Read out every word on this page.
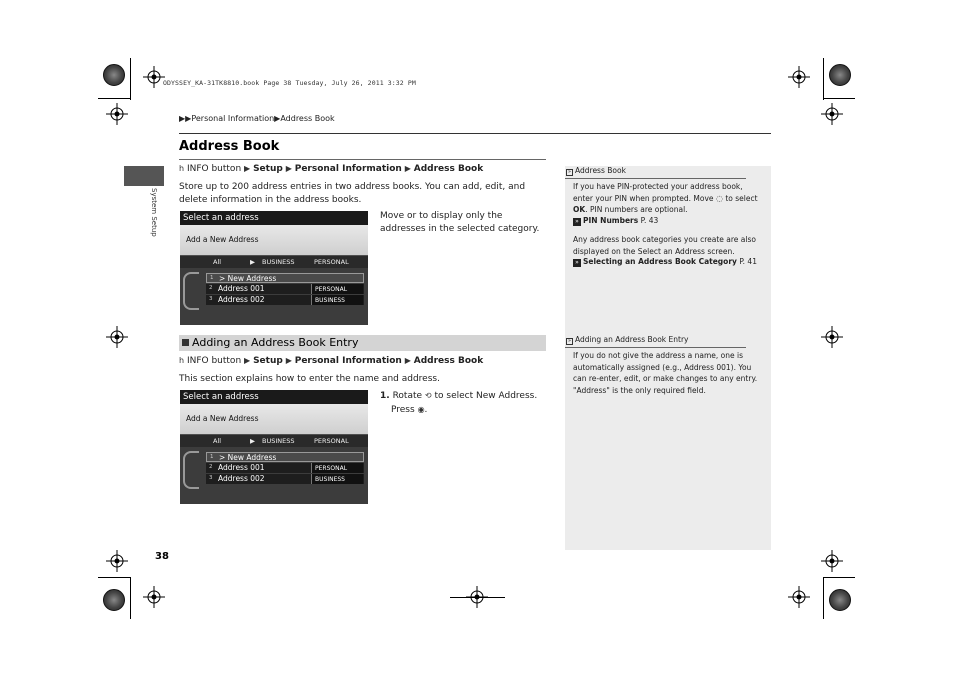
ODYSSEY_KA-31TK8810.book Page 38 Tuesday, July 26, 2011 3:32 PM
System Setup
▶▶Personal Information▶Address Book
Address Book
h INFO button ▶ Setup ▶ Personal Information ▶ Address Book
Store up to 200 address entries in two address books. You can add, edit, and delete information in the address books.
Select an address
Add a New Address
All	▶ BUSINESS	PERSONAL
1 > New Address
2 Address 001	PERSONAL
3 Address 002	BUSINESS
Move or to display only the addresses in the selected category.
Adding an Address Book Entry
h INFO button ▶ Setup ▶ Personal Information ▶ Address Book
This section explains how to enter the name and address.
Select an address
Add a New Address
All	▶ BUSINESS	PERSONAL
1 > New Address
2 Address 001	PERSONAL
3 Address 002	BUSINESS
1. Rotate ⟲ to select New Address.
Press ◉.
» Address Book
If you have PIN-protected your address book, enter your PIN when prompted. Move ◌ to select OK. PIN numbers are optional.
» PIN Numbers P. 43
Any address book categories you create are also displayed on the Select an Address screen.
» Selecting an Address Book Category P. 41
» Adding an Address Book Entry
If you do not give the address a name, one is automatically assigned (e.g., Address 001). You can re-enter, edit, or make changes to any entry. "Address" is the only required field.
38
